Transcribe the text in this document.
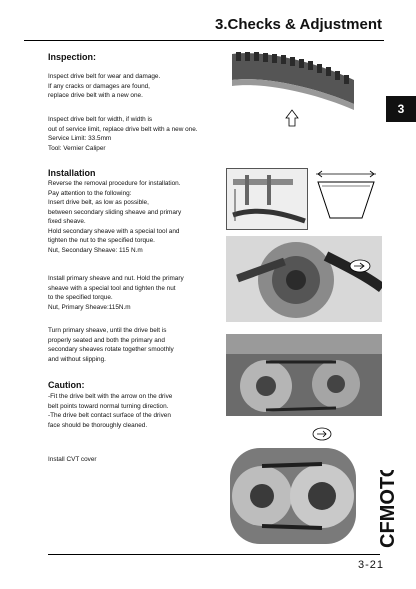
3.Checks & Adjustment
3
Inspection:
Inspect drive belt for wear and damage.
If any cracks or damages are found,
replace drive belt with a new one.
Inspect drive belt for width, if width is
out of service limit, replace drive belt with a new one.
Service Limit: 33.5mm
Tool: Vernier Caliper
Installation
Reverse the removal procedure for installation.
Pay attention to the following:
Insert drive belt, as low as possible,
between secondary sliding sheave and primary
fixed sheave.
Hold secondary sheave with a special tool and
tighten the nut to the specified torque.
Nut, Secondary Sheave: 115 N.m
Install primary sheave and nut. Hold the primary
sheave with a special tool and tighten the nut
to the specified torque.
Nut, Primary Sheave:115N.m
Turn primary sheave, until the drive belt is
properly seated and both the primary and
secondary sheaves rotate together smoothly
and without slipping.
Caution:
-Fit the drive belt with the arrow on the drive
belt points toward normal turning direction.
-The drive belt contact surface of the driven
face should be thoroughly cleaned.
Install CVT cover
CFMOTO
3-21
